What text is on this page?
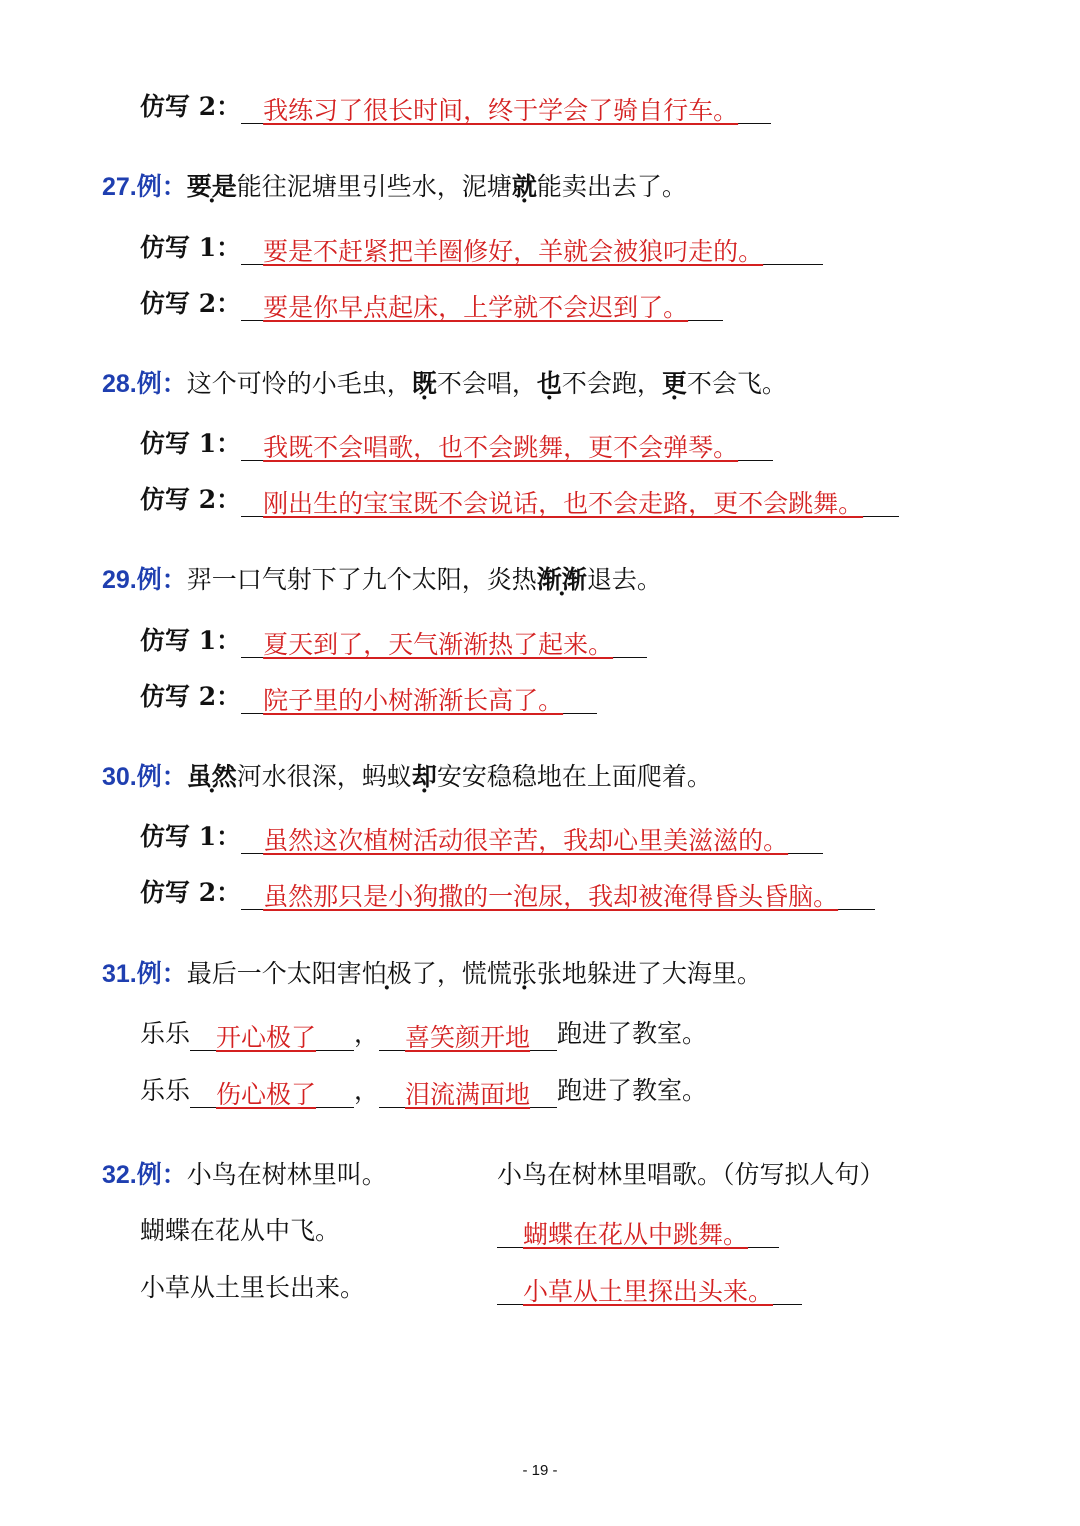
仿写 2： 我练习了很长时间，终于学会了骑自行车。
27.例：要是能往泥塘里引些水，泥塘就能卖出去了。
仿写 1： 要是不赶紧把羊圈修好，羊就会被狼叼走的。
仿写 2： 要是你早点起床，上学就不会迟到了。
28.例：这个可怜的小毛虫，既不会唱，也不会跑，更不会飞。
仿写 1： 我既不会唱歌，也不会跳舞，更不会弹琴。
仿写 2： 刚出生的宝宝既不会说话，也不会走路，更不会跳舞。
29.例：羿一口气射下了九个太阳，炎热渐渐退去。
仿写 1： 夏天到了，天气渐渐热了起来。
仿写 2： 院子里的小树渐渐长高了。
30.例：虽然河水很深，蚂蚁却安安稳稳地在上面爬着。
仿写 1： 虽然这次植树活动很辛苦，我却心里美滋滋的。
仿写 2： 虽然那只是小狗撒的一泡尿，我却被淹得昏头昏脑。
31.例：最后一个太阳害怕极了，慌慌张张地 ·躲进了大海里。
乐乐 开心极了 ， 喜笑颜开地 跑进了教室。
乐乐 伤心极了 ， 泪流满面地 跑进了教室。
32.例：小鸟在树林里叫。	小鸟在树林里唱歌。（仿写拟人句）
蝴蝶在花从中飞。	蝴蝶在花从中跳舞。
小草从土里长出来。	小草从土里探出头来。
- 19 -
